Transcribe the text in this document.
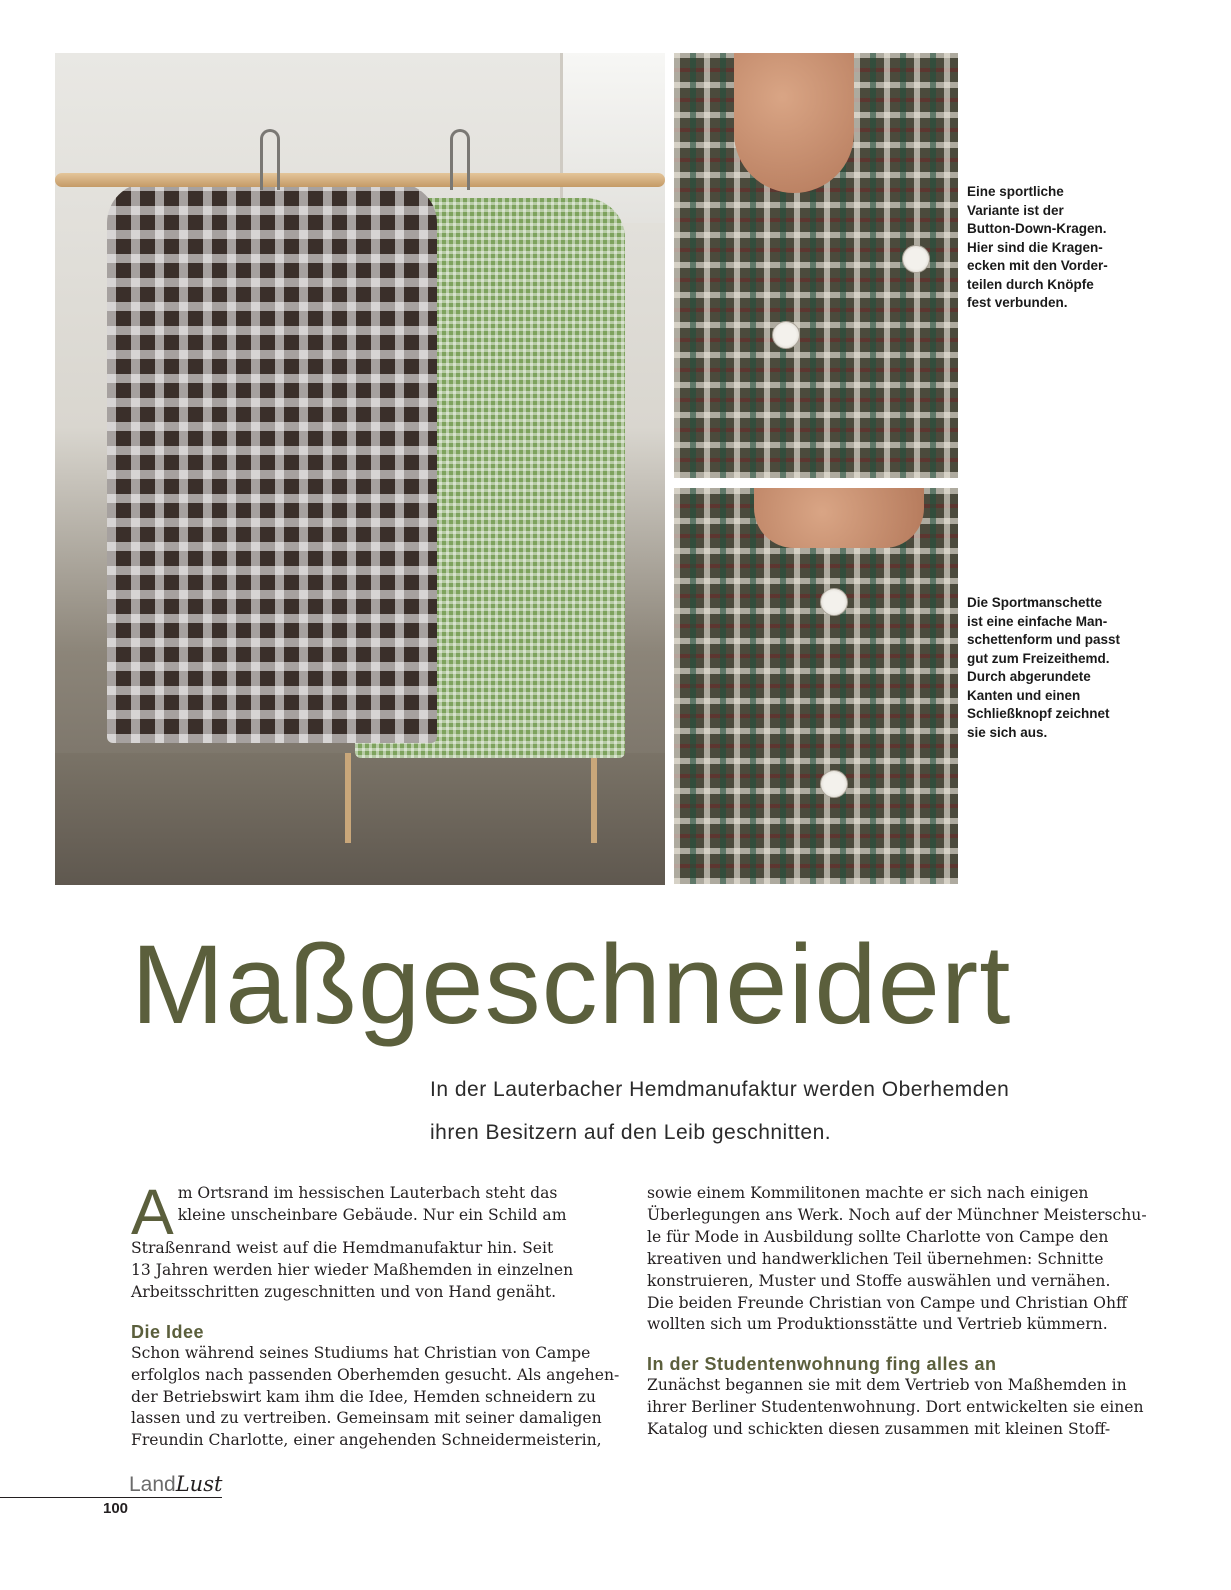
Eine sportliche
Variante ist der
Button-Down-Kragen.
Hier sind die Kragen-
ecken mit den Vorder-
teilen durch Knöpfe
fest verbunden.
Die Sportmanschette
ist eine einfache Man-
schettenform und passt
gut zum Freizeithemd.
Durch abgerundete
Kanten und einen
Schließknopf zeichnet
sie sich aus.
Maßgeschneidert
In der Lauterbacher Hemdmanufaktur werden Oberhemden
ihren Besitzern auf den Leib geschnitten.
A m Ortsrand im hessischen Lauterbach steht das
kleine unscheinbare Gebäude. Nur ein Schild am
Straßenrand weist auf die Hemdmanufaktur hin. Seit
13 Jahren werden hier wieder Maßhemden in einzelnen
Arbeitsschritten zugeschnitten und von Hand genäht.
Die Idee
Schon während seines Studiums hat Christian von Campe
erfolglos nach passenden Oberhemden gesucht. Als angehen-
der Betriebswirt kam ihm die Idee, Hemden schneidern zu
lassen und zu vertreiben. Gemeinsam mit seiner damaligen
Freundin Charlotte, einer angehenden Schneidermeisterin,
sowie einem Kommilitonen machte er sich nach einigen
Überlegungen ans Werk. Noch auf der Münchner Meisterschu-
le für Mode in Ausbildung sollte Charlotte von Campe den
kreativen und handwerklichen Teil übernehmen: Schnitte
konstruieren, Muster und Stoffe auswählen und vernähen.
Die beiden Freunde Christian von Campe und Christian Ohff
wollten sich um Produktionsstätte und Vertrieb kümmern.
In der Studentenwohnung fing alles an
Zunächst begannen sie mit dem Vertrieb von Maßhemden in
ihrer Berliner Studentenwohnung. Dort entwickelten sie einen
Katalog und schickten diesen zusammen mit kleinen Stoff-
LandLust
100
